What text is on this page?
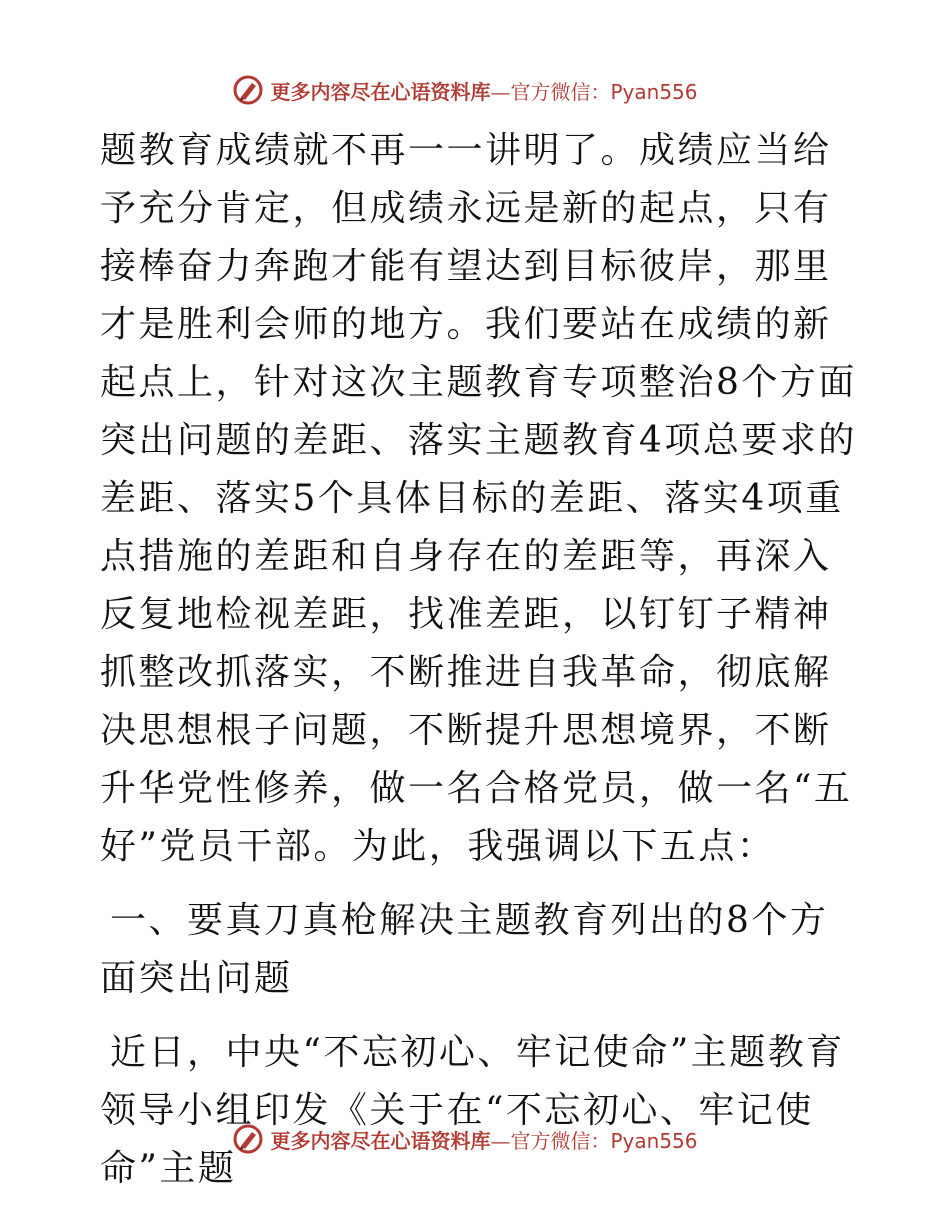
更多内容尽在心语资料库—官方微信：Pyan556

题教育成绩就不再一一讲明了。成绩应当给予充分肯定，但成绩永远是新的起点，只有接棒奋力奔跑才能有望达到目标彼岸，那里才是胜利会师的地方。我们要站在成绩的新起点上，针对这次主题教育专项整治8个方面突出问题的差距、落实主题教育4项总要求的差距、落实5个具体目标的差距、落实4项重点措施的差距和自身存在的差距等，再深入反复地检视差距，找准差距，以钉钉子精神抓整改抓落实，不断推进自我革命，彻底解决思想根子问题，不断提升思想境界，不断升华党性修养，做一名合格党员，做一名“五好”党员干部。为此，我强调以下五点：

一、要真刀真枪解决主题教育列出的8个方面突出问题

近日，中央“不忘初心、牢记使命”主题教育领导小组印发《关于在“不忘初心、牢记使命”主题

更多内容尽在心语资料库—官方微信：Pyan556
